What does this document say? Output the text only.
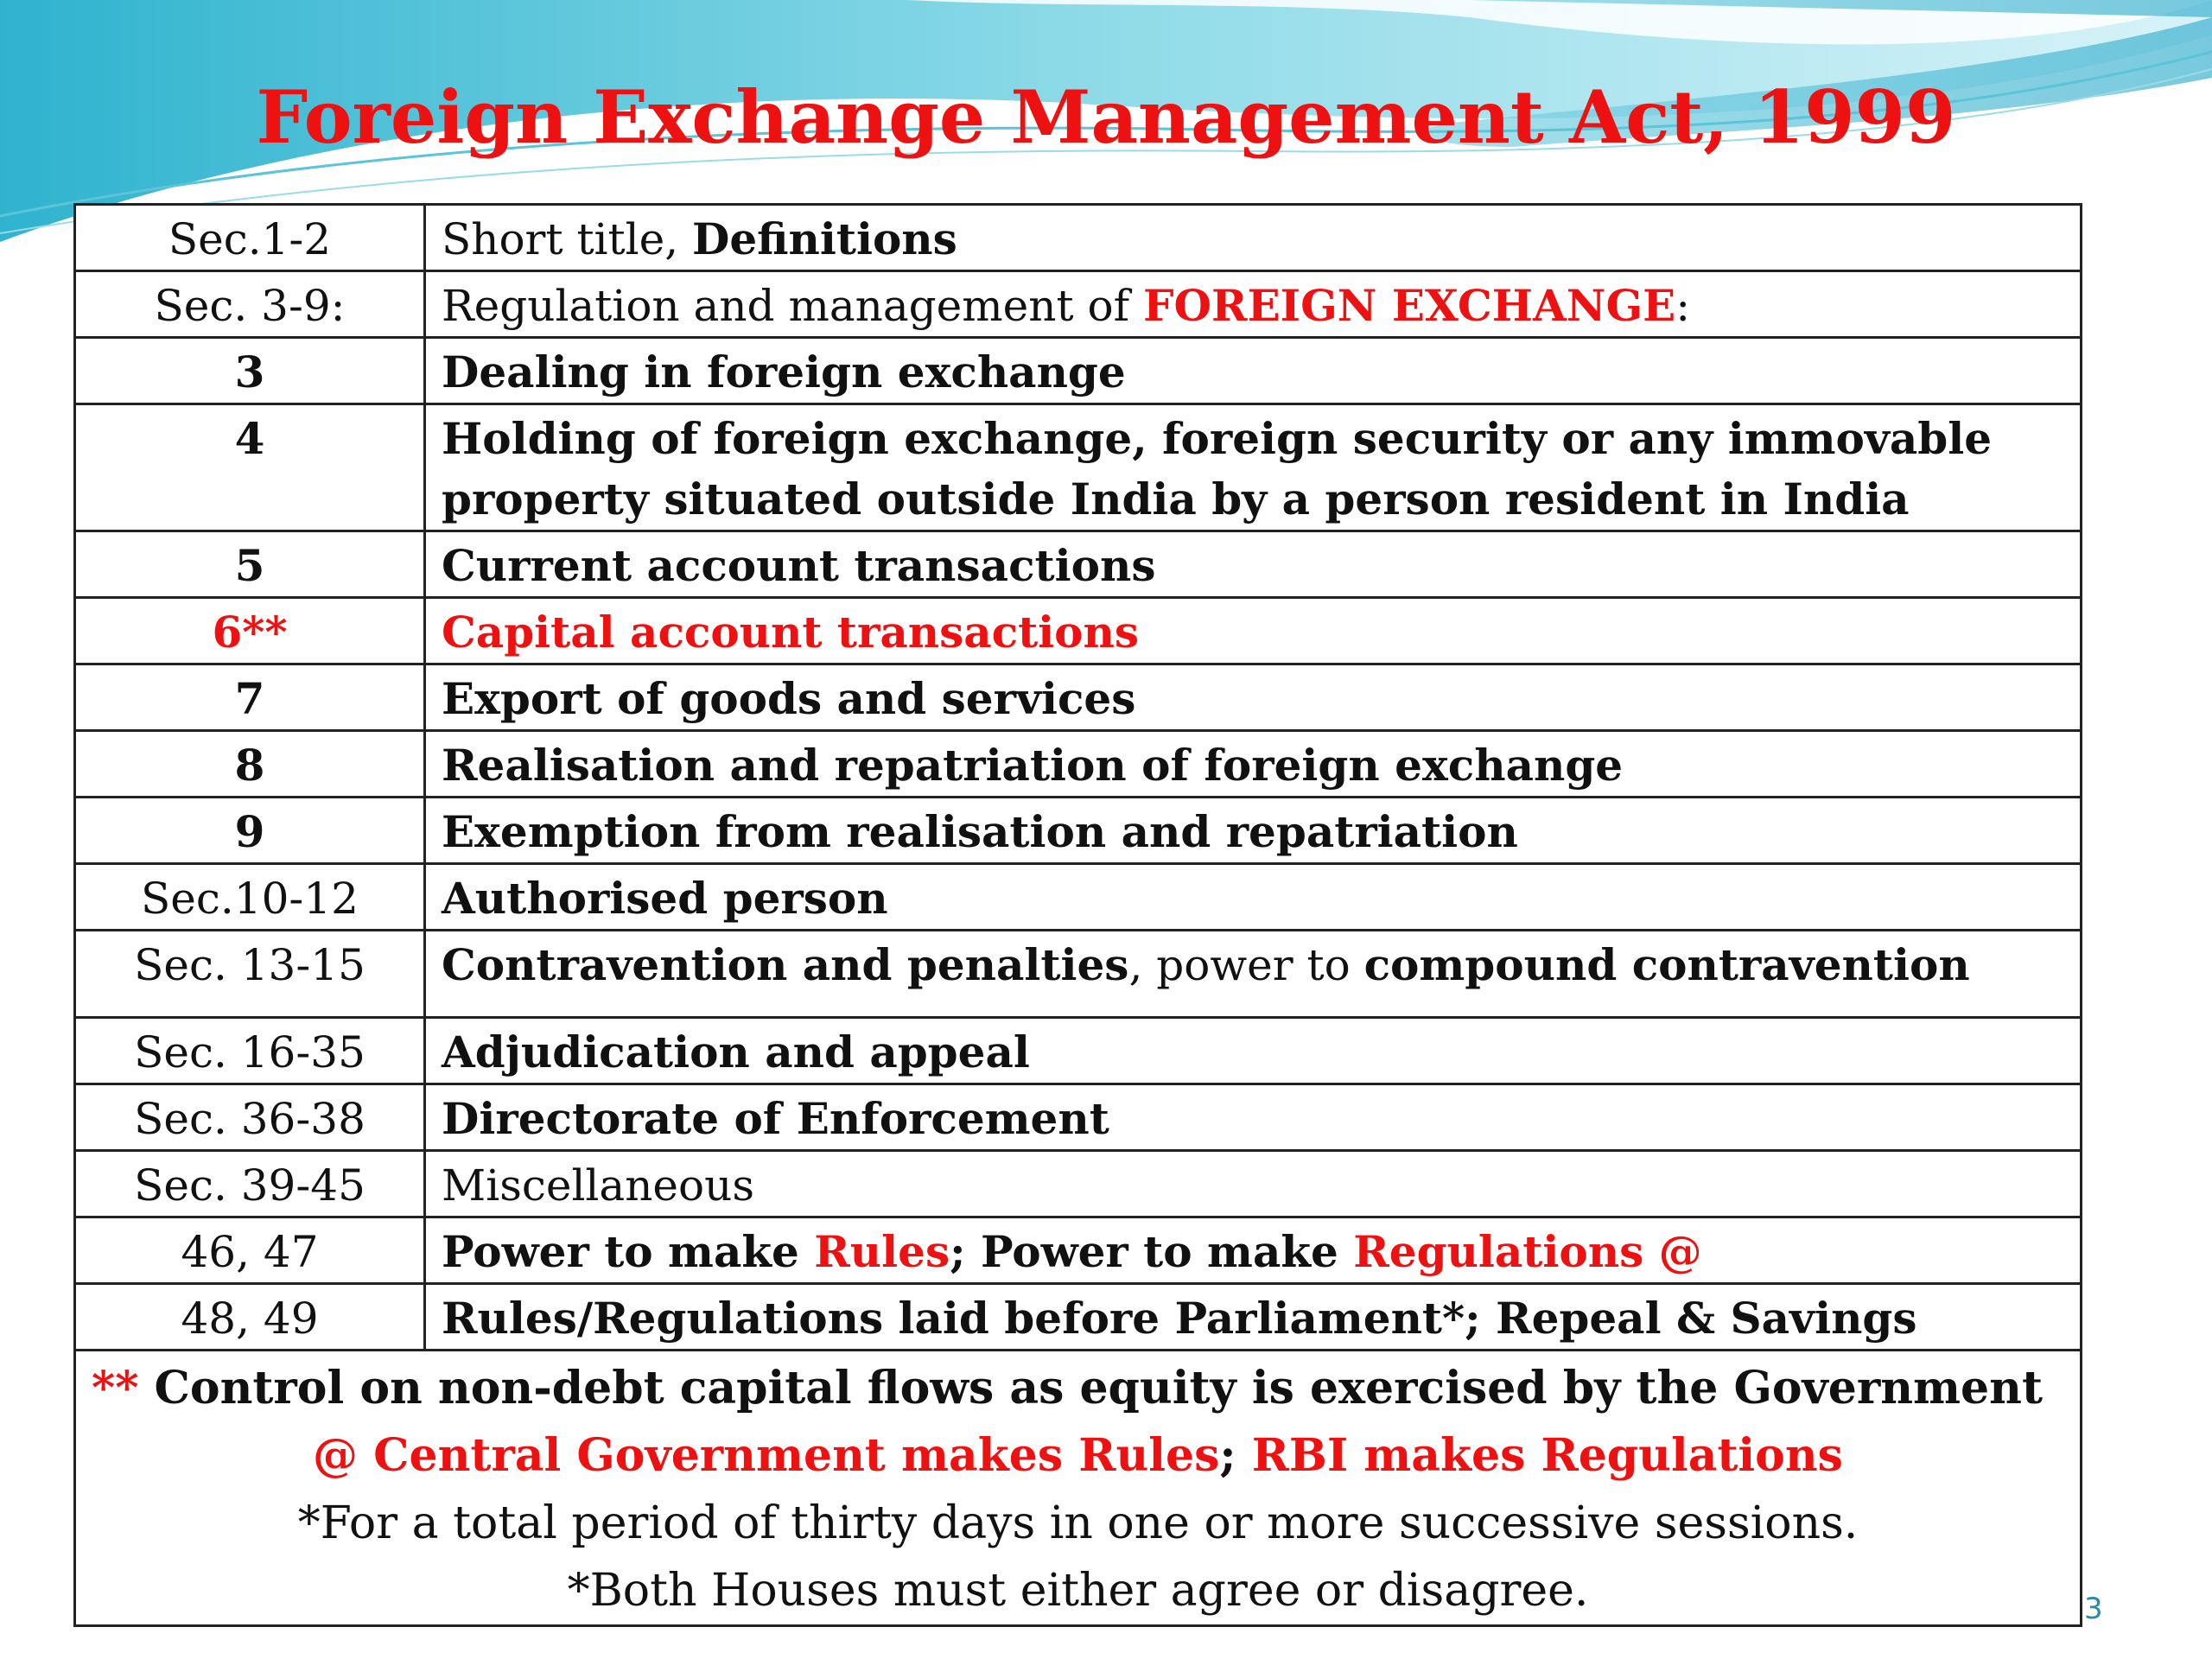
Foreign Exchange Management Act, 1999
Sec.1-2	Short title, Definitions
Sec. 3-9:	Regulation and management of FOREIGN EXCHANGE:
3	Dealing in foreign exchange
4	Holding of foreign exchange, foreign security or any immovable
property situated outside India by a person resident in India

5	Current account transactions
6**	Capital account transactions
7	Export of goods and services
8	Realisation and repatriation of foreign exchange
9	Exemption from realisation and repatriation
Sec.10-12	Authorised person
Sec. 13-15	Contravention and penalties, power to compound contravention
Sec. 16-35	Adjudication and appeal
Sec. 36-38	Directorate of Enforcement
Sec. 39-45	Miscellaneous
46, 47	Power to make Rules; Power to make Regulations @
48, 49	Rules/Regulations laid before Parliament*; Repeal & Savings

** Control on non-debt capital flows as equity is exercised by the Government
@ Central Government makes Rules; RBI makes Regulations
*For a total period of thirty days in one or more successive sessions.
*Both Houses must either agree or disagree.		3
